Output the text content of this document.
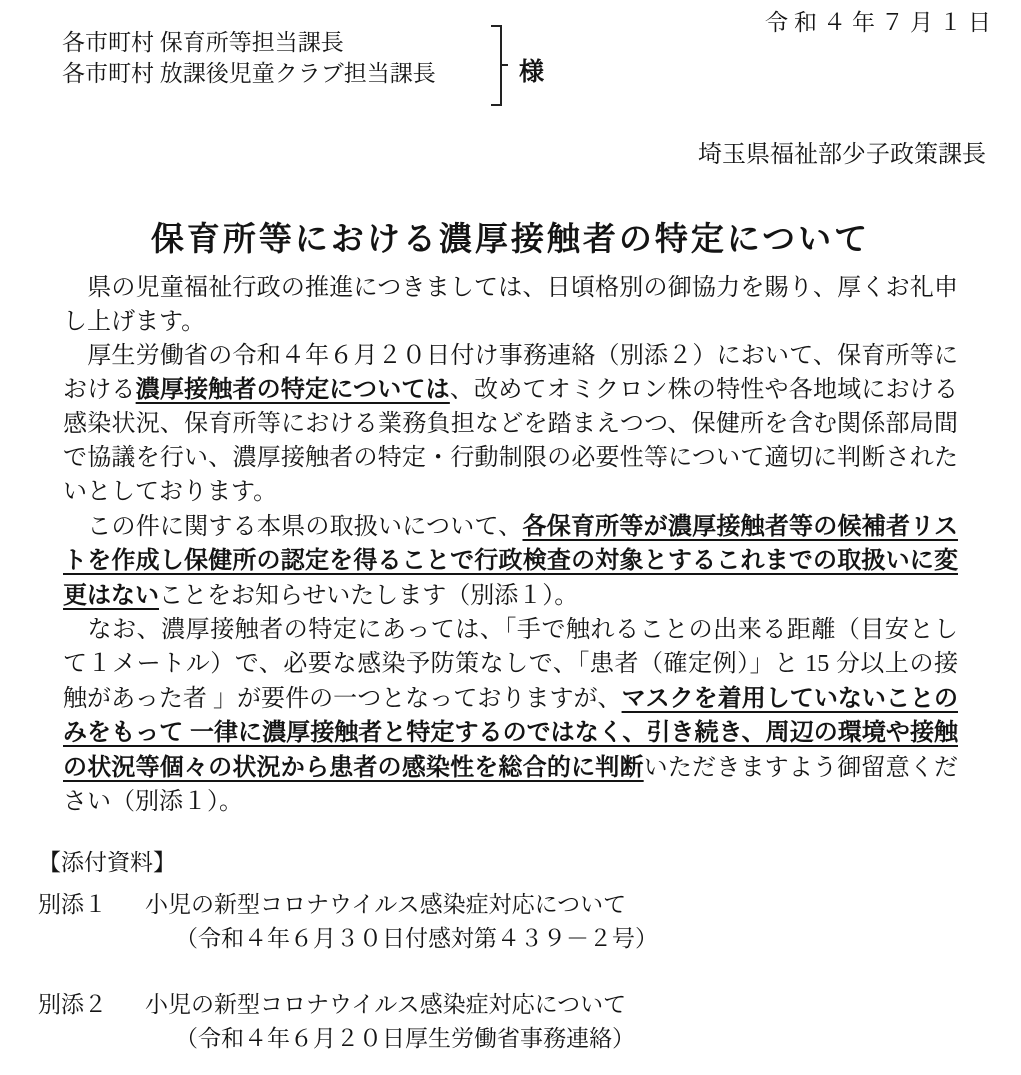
令和４年７月１日
各市町村 保育所等担当課長
各市町村 放課後児童クラブ担当課長	様
埼玉県福祉部少子政策課長
保育所等における濃厚接触者の特定について

　県の児童福祉行政の推進につきましては、日頃格別の御協力を賜り、厚くお礼申し上げます。

　厚生労働省の令和４年６月２０日付け事務連絡（別添２）において、保育所等における濃厚接触者の特定については、改めてオミクロン株の特性や各地域における感染状況、保育所等における業務負担などを踏まえつつ、保健所を含む関係部局間で協議を行い、濃厚接触者の特定・行動制限の必要性等について適切に判断されたいとしております。

　この件に関する本県の取扱いについて、各保育所等が濃厚接触者等の候補者リストを作成し保健所の認定を得ることで行政検査の対象とするこれまでの取扱いに変更はないことをお知らせいたします（別添１）。

　なお、濃厚接触者の特定にあっては、「手で触れることの出来る距離（目安として１メートル）で、必要な感染予防策なしで、「患者（確定例）」と 15 分以上の接触があった者 」が要件の一つとなっておりますが、マスクを着用していないことのみをもって 一律に濃厚接触者と特定するのではなく、引き続き、周辺の環境や接触の状況等個々の状況から患者の感染性を総合的に判断いただきますよう御留意ください（別添１）。

【添付資料】
別添１	小児の新型コロナウイルス感染症対応について
（令和４年６月３０日付感対第４３９－２号）
別添２	小児の新型コロナウイルス感染症対応について
（令和４年６月２０日厚生労働省事務連絡）
